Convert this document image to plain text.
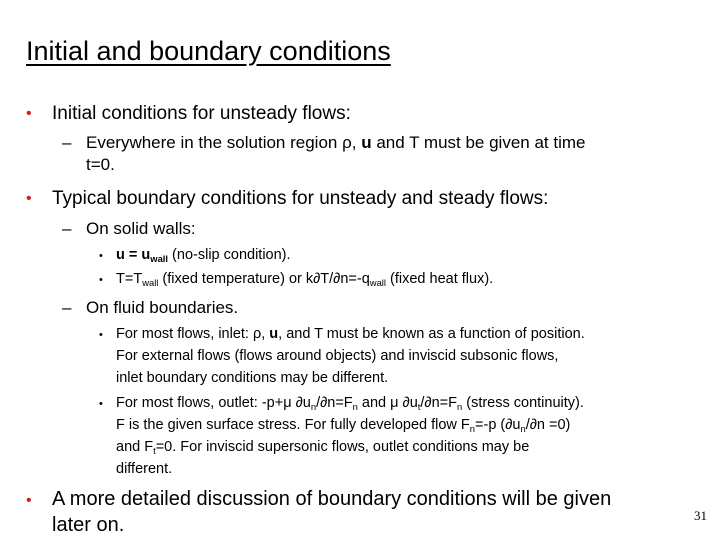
Initial and boundary conditions
• Initial conditions for unsteady flows:
– Everywhere in the solution region ρ, u and T must be given at time
t=0.
• Typical boundary conditions for unsteady and steady flows:
– On solid walls:
• $u = u_{wall}$ (no-slip condition).
• $T=T_{wall}$ (fixed temperature) or $k\partial T/\partial n=-q_{wall}$ (fixed heat flux).
– On fluid boundaries.
• For most flows, inlet: ρ, u, and T must be known as a function of position.
For external flows (flows around objects) and inviscid subsonic flows,
inlet boundary conditions may be different.
• For most flows, outlet: -p+μ $\partial u_n/\partial n=F_n$ and μ $\partial u_t/\partial n=F_n$ (stress continuity).
F is the given surface stress. For fully developed flow $F_n=-p$ $(\partial u_n/\partial n =0)$
and $F_t=0$. For inviscid supersonic flows, outlet conditions may be
different.
• A more detailed discussion of boundary conditions will be given
later on.	31
